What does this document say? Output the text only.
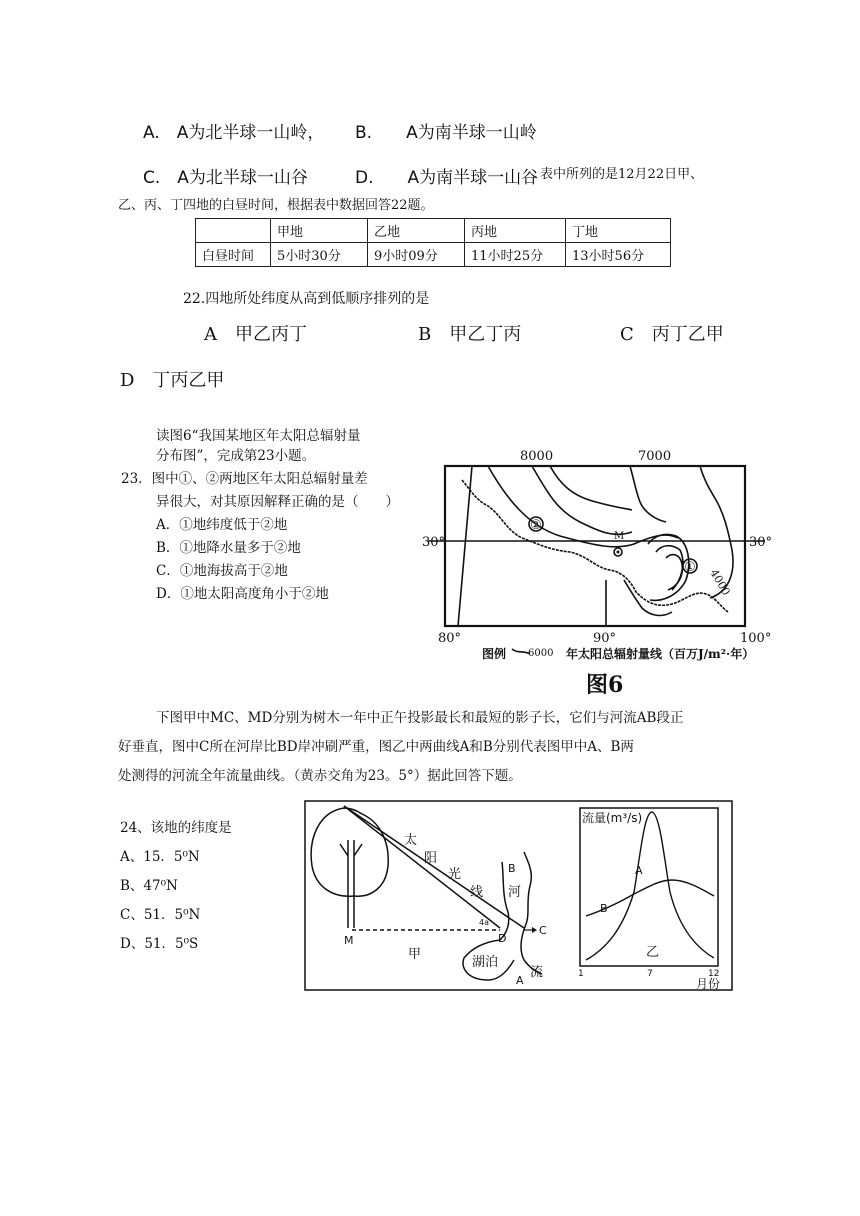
A.　A为北半球一山岭， B.　　A为南半球一山岭
C.　A为北半球一山谷	D.　　A为南半球一山谷 表中所列的是12月22日甲、
乙、丙、丁四地的白昼时间，根据表中数据回答22题。
	甲地	乙地	丙地	丁地
白昼时间	5小时30分	9小时09分	11小时25分	13小时56分
22.四地所处纬度从高到低顺序排列的是
A　甲乙丙丁	B　甲乙丁丙	C　丙丁乙甲
D　丁丙乙甲
读图6“我国某地区年太阳总辐射量
分布图”，完成第23小题。
23．图中①、②两地区年太阳总辐射量差
异很大，对其原因解释正确的是（　　）
A．①地纬度低于②地
B．①地降水量多于②地
C．①地海拔高于②地
D．①地太阳高度角小于②地
8000	7000
30°	30°
80°	90°	100°
M
②
① 4000
图例 6000 年太阳总辐射量线（百万J/m²·年）
图6
下图甲中MC、MD分别为树木一年中正午投影最长和最短的影子长，它们与河流AB段正
好垂直，图中C所在河岸比BD岸冲刷严重，图乙中两曲线A和B分别代表图甲中A、B两
处测得的河流全年流量曲线。（黄赤交角为23。5°）据此回答下题。
24、该地的纬度是
A、15．5⁰N
B、47⁰N
C、51．5⁰N
D、51．5⁰S
太
阳
光
线
B
河
4a
D
C
M
甲
湖泊
流
A
流量(m³/s)
A
B
乙
1	7	12
月份
